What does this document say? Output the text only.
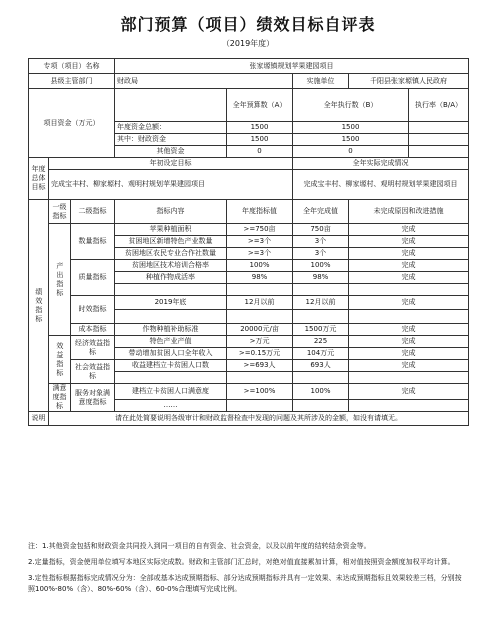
部门预算（项目）绩效目标自评表
（2019年度）
专项（项目）名称			张家塬镇规划苹果建园项目				
县级主管部门			财政局		实施单位	千阳县张家塬镇人民政府	
项目资金（万元）				全年预算数（A）	全年执行数（B）		执行率（B/A）
			年度资金总额：	1500	1500		
			其中：财政资金	1500	1500		
			其他资金	0	0		
年度总体目标	年初设定目标				全年实际完成情况		
	完成宝丰村、柳家塬村、观明村规划苹果建园项目				完成宝丰村、柳家塬村、观明村规划苹果建园项目		
绩效指标	一级指标	二级指标	指标内容	年度指标值	全年完成值	未完成原因和改进措施	
	产出指标	数量指标	苹果种植面积	>=750亩	750亩	完成	
			贫困地区新增特色产业数量	>=3个	3个	完成	
			贫困地区农民专业合作社数量	>=3个	3个	完成	
		质量指标	贫困地区技术培训合格率	100%	100%	完成	
			种植作物成活率	98%	98%	完成	

		时效指标	2019年底	12月以前	12月以前	完成	

		成本指标	作物种植补助标准	20000元/亩	1500万元	完成	
	效益指标	经济效益指标	特色产业产值	>万元	225	完成	
			带动增加贫困人口全年收入	>=0.15万元	104万元	完成	
		社会效益指标	收益建档立卡贫困人口数	>=693人	693人	完成	

	满意度指标	服务对象满意度指标	建档立卡贫困人口满意度	>=100%	100%	完成	
			……				
说明	请在此处简要说明各级审计和财政监督检查中发现的问题及其所涉及的金额，如没有请填无。						

注：1.其他资金包括和财政资金共同投入到同一项目的自有资金、社会资金，以及以前年度的结转结余资金等。

2.定量指标，资金使用单位填写本地区实际完成数。财政和主管部门汇总时，对绝对值直接累加计算，相对值按照资金额度加权平均计算。

3.定性指标根据指标完成情况分为：全部或基本达成预期指标、部分达成预期指标并具有一定效果、未达成预期指标且效果较差三档，分别按照100%-80%（含）、80%-60%（含）、60-0%合理填写完成比例。
